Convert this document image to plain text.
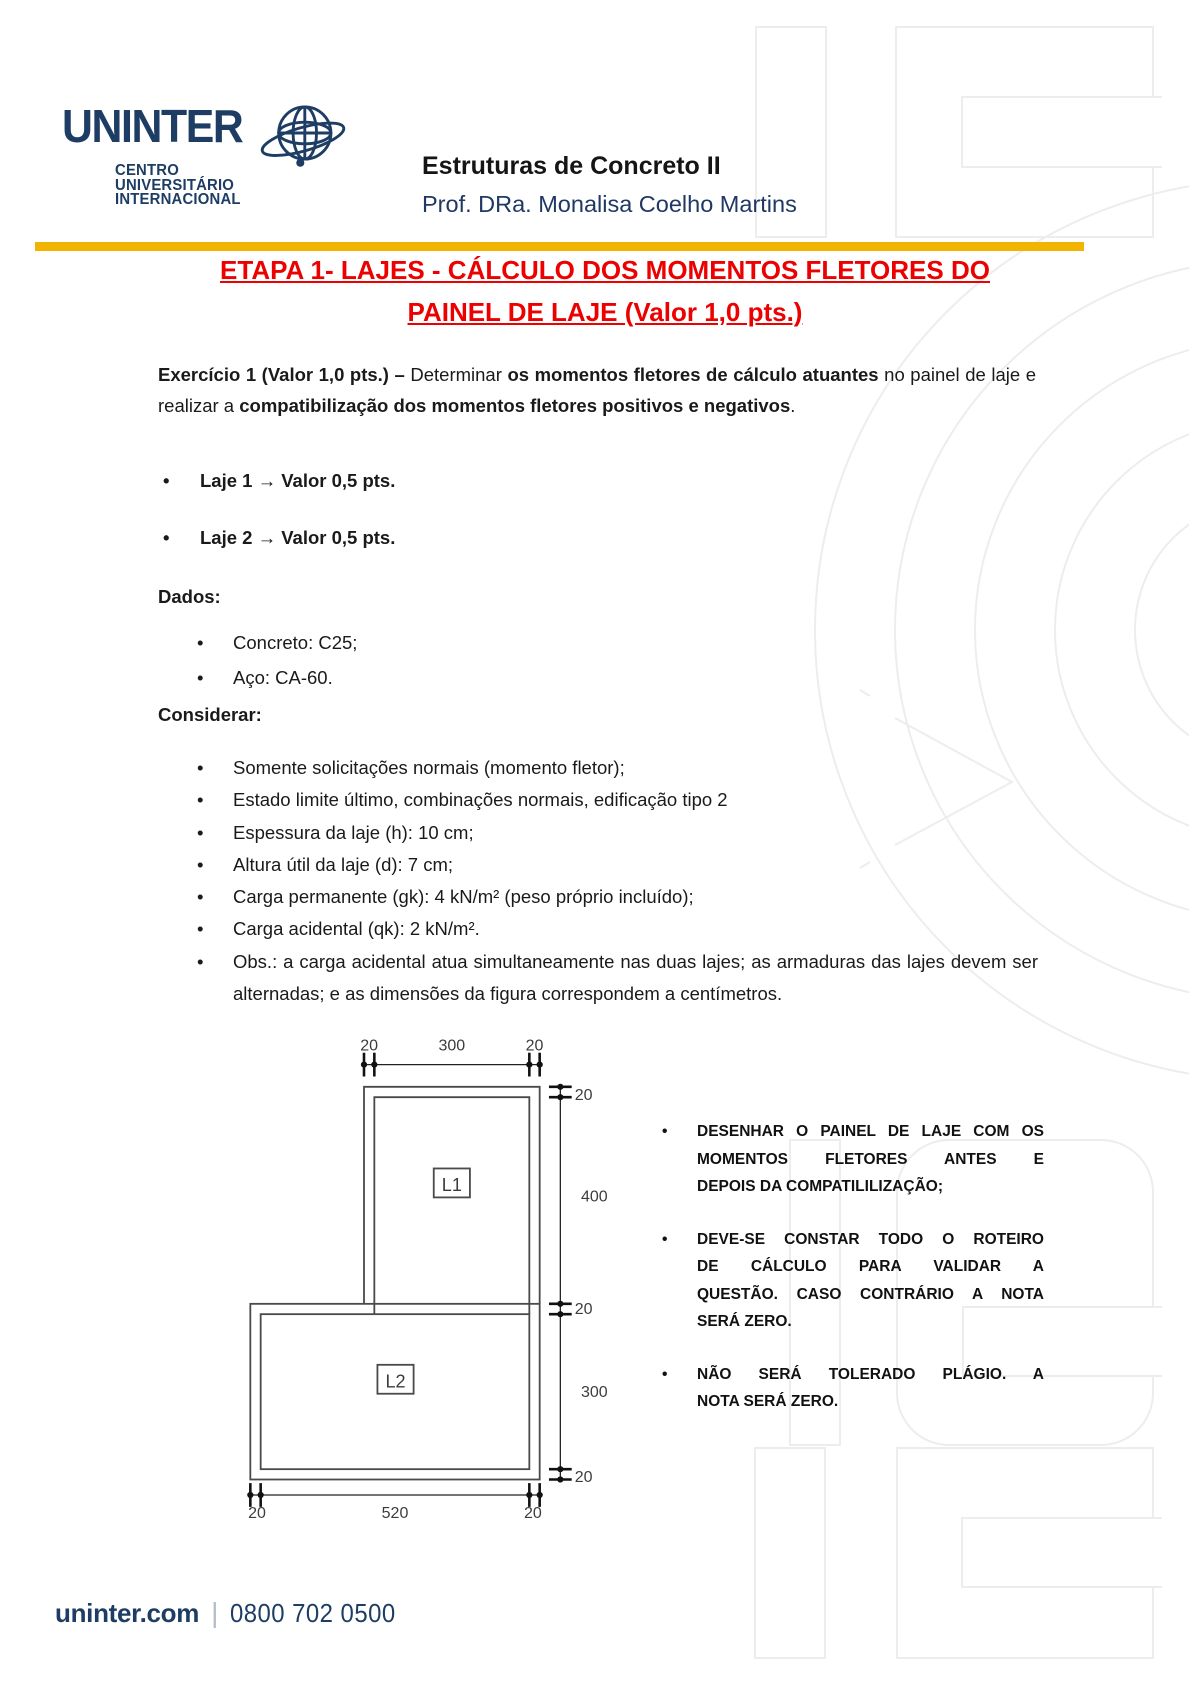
UNINTER
CENTRO
UNIVERSITÁRIO
INTERNACIONAL
Estruturas de Concreto II
Prof. DRa. Monalisa Coelho Martins
ETAPA 1- LAJES - CÁLCULO DOS MOMENTOS FLETORES DO
PAINEL DE LAJE (Valor 1,0 pts.)

Exercício 1 (Valor 1,0 pts.) – Determinar os momentos fletores de cálculo atuantes no painel de laje e realizar a compatibilização dos momentos fletores positivos e negativos.

• Laje 1 → Valor 0,5 pts.
• Laje 2 → Valor 0,5 pts.
Dados:
• Concreto: C25;
• Aço: CA-60.
Considerar:
• Somente solicitações normais (momento fletor);
• Estado limite último, combinações normais, edificação tipo 2
• Espessura da laje (h): 10 cm;
• Altura útil da laje (d): 7 cm;
• Carga permanente (gk): 4 kN/m² (peso próprio incluído);
• Carga acidental (qk): 2 kN/m².
• Obs.: a carga acidental atua simultaneamente nas duas lajes; as armaduras das lajes devem ser alternadas; e as dimensões da figura correspondem a centímetros.
L1
L2
20 300 20
20
400
20
300
20
20	520	20
• DESENHAR O PAINEL DE LAJE COM OS
MOMENTOS FLETORES ANTES E
DEPOIS DA COMPATILILIZAÇÃO;
• DEVE-SE CONSTAR TODO O ROTEIRO
DE CÁLCULO PARA VALIDAR A
QUESTÃO. CASO CONTRÁRIO A NOTA
SERÁ ZERO.
• NÃO SERÁ TOLERADO PLÁGIO. A
NOTA SERÁ ZERO.
uninter.com | 0800 702 0500
